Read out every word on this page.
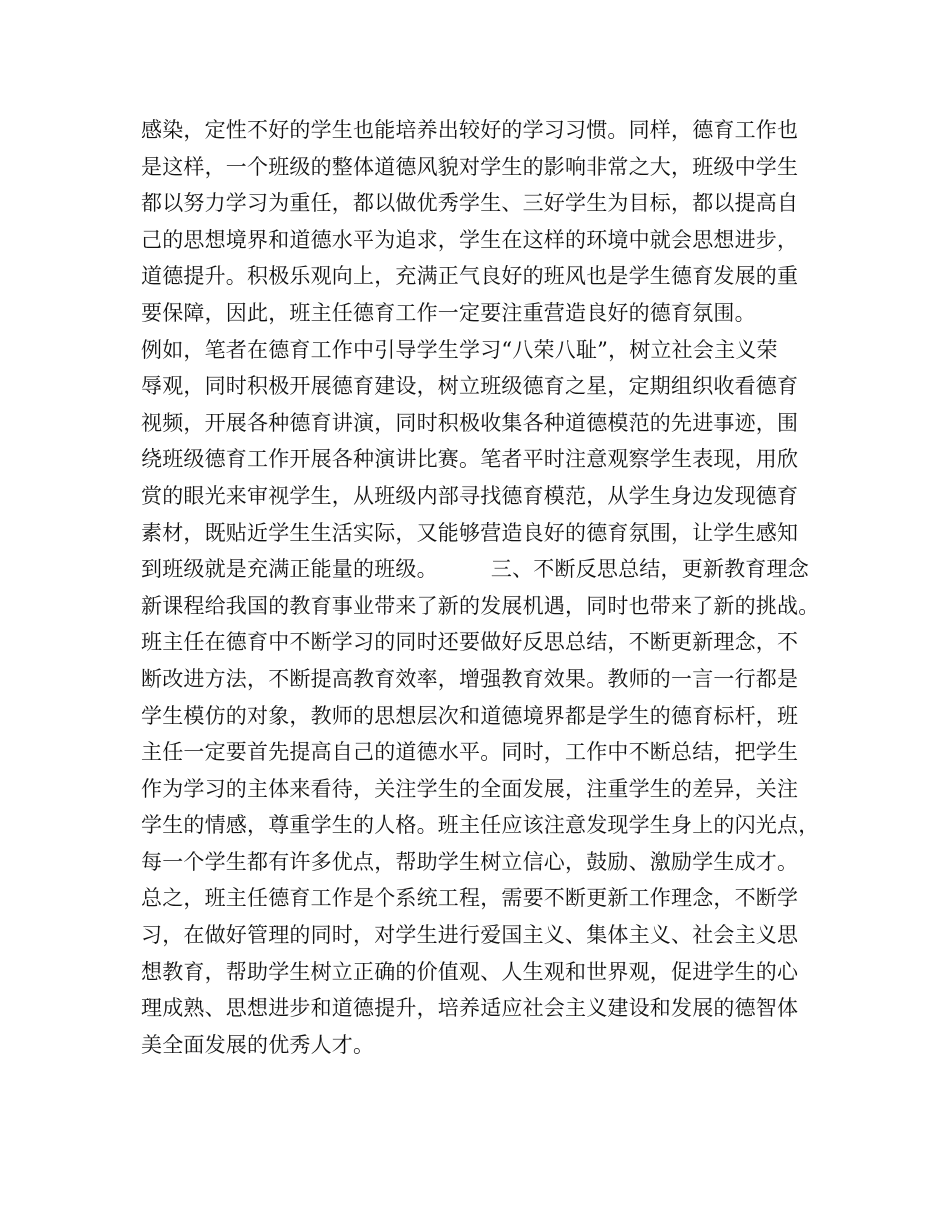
感染，定性不好的学生也能培养出较好的学习习惯。同样，德育工作也
是这样，一个班级的整体道德风貌对学生的影响非常之大，班级中学生
都以努力学习为重任，都以做优秀学生、三好学生为目标，都以提高自
己的思想境界和道德水平为追求，学生在这样的环境中就会思想进步，
道德提升。积极乐观向上，充满正气良好的班风也是学生德育发展的重
要保障，因此，班主任德育工作一定要注重营造良好的德育氛围。
例如，笔者在德育工作中引导学生学习“八荣八耻”，树立社会主义荣
辱观，同时积极开展德育建设，树立班级德育之星，定期组织收看德育
视频，开展各种德育讲演，同时积极收集各种道德模范的先进事迹，围
绕班级德育工作开展各种演讲比赛。笔者平时注意观察学生表现，用欣
赏的眼光来审视学生，从班级内部寻找德育模范，从学生身边发现德育
素材，既贴近学生生活实际，又能够营造良好的德育氛围，让学生感知
到班级就是充满正能量的班级。　　　三、不断反思总结，更新教育理念
新课程给我国的教育事业带来了新的发展机遇，同时也带来了新的挑战。
班主任在德育中不断学习的同时还要做好反思总结，不断更新理念，不
断改进方法，不断提高教育效率，增强教育效果。教师的一言一行都是
学生模仿的对象，教师的思想层次和道德境界都是学生的德育标杆，班
主任一定要首先提高自己的道德水平。同时，工作中不断总结，把学生
作为学习的主体来看待，关注学生的全面发展，注重学生的差异，关注
学生的情感，尊重学生的人格。班主任应该注意发现学生身上的闪光点，
每一个学生都有许多优点，帮助学生树立信心，鼓励、激励学生成才。
总之，班主任德育工作是个系统工程，需要不断更新工作理念，不断学
习，在做好管理的同时，对学生进行爱国主义、集体主义、社会主义思
想教育，帮助学生树立正确的价值观、人生观和世界观，促进学生的心
理成熟、思想进步和道德提升，培养适应社会主义建设和发展的德智体
美全面发展的优秀人才。
